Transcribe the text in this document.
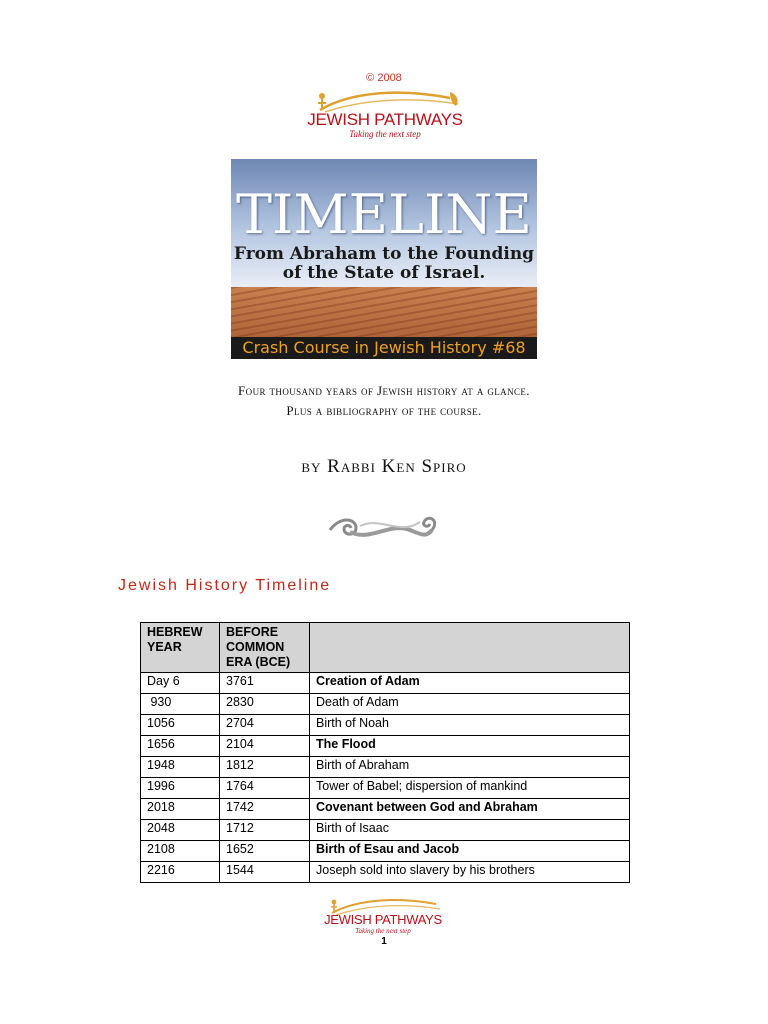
© 2008
JEWISH PATHWAYS
Taking the next step
TIMELINE
From Abraham to the Founding
of the State of Israel.
Crash Course in Jewish History #68
Four thousand years of Jewish history at a glance.
Plus a bibliography of the course.
by Rabbi Ken Spiro
Jewish History Timeline
HEBREW YEAR	BEFORE COMMON ERA (BCE)	
Day 6	3761	Creation of Adam
930	2830	Death of Adam
1056	2704	Birth of Noah
1656	2104	The Flood
1948	1812	Birth of Abraham
1996	1764	Tower of Babel; dispersion of mankind
2018	1742	Covenant between God and Abraham
2048	1712	Birth of Isaac
2108	1652	Birth of Esau and Jacob
2216	1544	Joseph sold into slavery by his brothers
JEWISH PATHWAYS
Taking the next step
1
